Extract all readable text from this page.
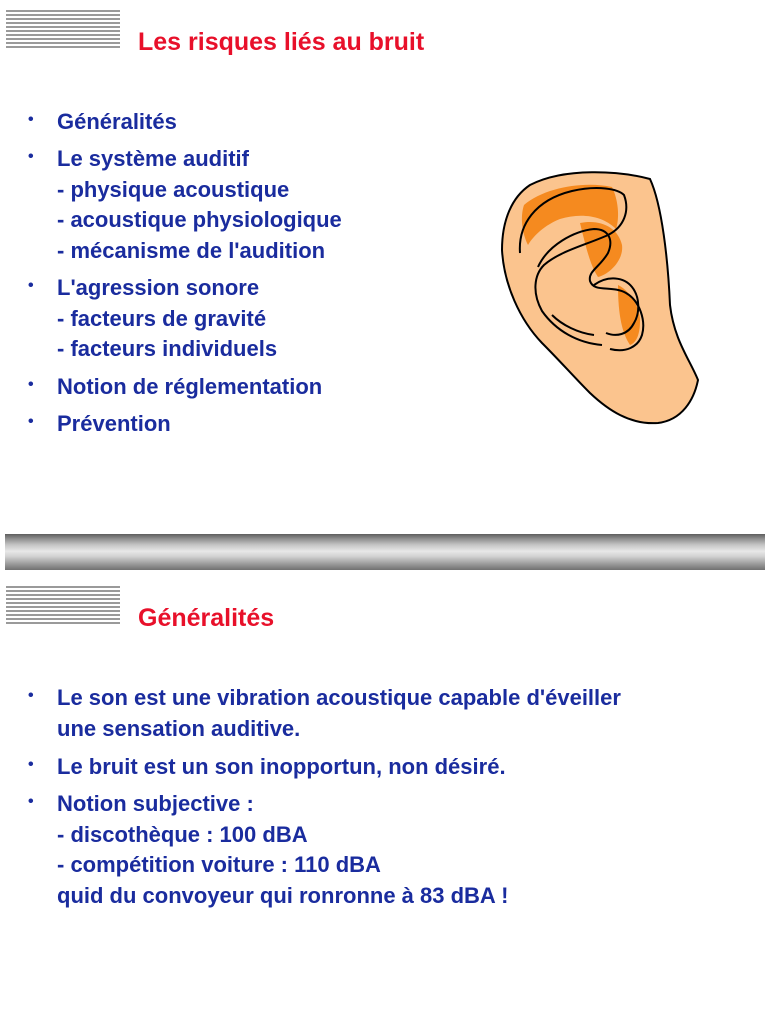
Les risques liés au bruit
• Généralités
• Le système auditif
- physique acoustique
- acoustique physiologique
- mécanisme de l'audition
• L'agression sonore
- facteurs de gravité
- facteurs individuels
• Notion de réglementation
• Prévention
Généralités
• Le son est une vibration acoustique capable d'éveiller
une sensation auditive.
• Le bruit est un son inopportun, non désiré.
• Notion subjective :
- discothèque : 100 dBA
- compétition voiture : 110 dBA
quid du convoyeur qui ronronne à 83 dBA !
